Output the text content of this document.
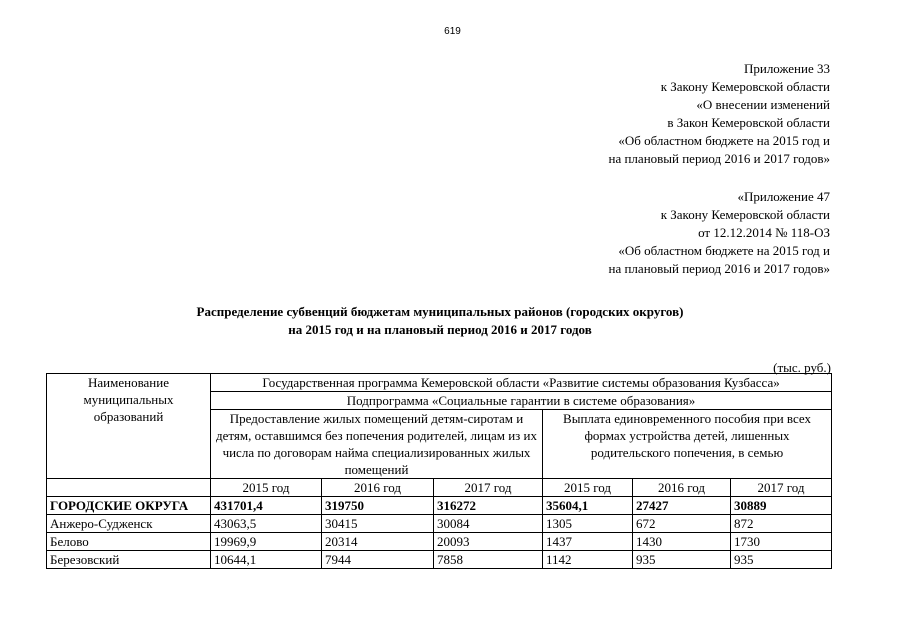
619
Приложение 33
к Закону Кемеровской области
«О внесении изменений
в Закон Кемеровской области
«Об областном бюджете на 2015 год и
на плановый период 2016 и 2017 годов»
«Приложение 47
к Закону Кемеровской области
от 12.12.2014 № 118-ОЗ
«Об областном бюджете на 2015 год и
на плановый период 2016 и 2017 годов»
Распределение субвенций бюджетам муниципальных районов (городских округов)
на 2015 год и на плановый период 2016 и 2017 годов
(тыс. руб.)
Наименование муниципальных образований	Государственная программа Кемеровской области «Развитие системы образования Кузбасса»					
	Подпрограмма «Социальные гарантии в системе образования»					
	Предоставление жилых помещений детям-сиротам и детям, оставшимся без попечения родителей, лицам из их числа по договорам найма специализированных жилых помещений			Выплата единовременного пособия при всех формах устройства детей, лишенных родительского попечения, в семью		
	2015 год	2016 год	2017 год	2015 год	2016 год	2017 год
ГОРОДСКИЕ ОКРУГА	431701,4	319750	316272	35604,1	27427	30889
Анжеро-Судженск	43063,5	30415	30084	1305	672	872
Белово	19969,9	20314	20093	1437	1430	1730
Березовский	10644,1	7944	7858	1142	935	935
